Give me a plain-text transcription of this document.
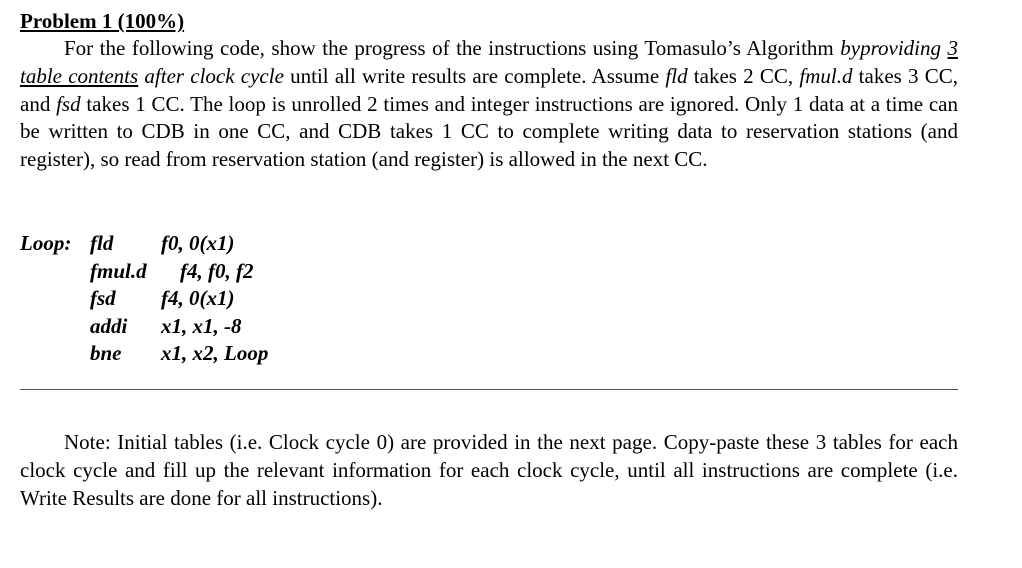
Problem 1 (100%)

For the following code, show the progress of the instructions using Tomasulo’s Algorithm byproviding 3 table contents after clock cycle until all write results are complete. Assume fld takes 2 CC, fmul.d takes 3 CC, and fsd takes 1 CC. The loop is unrolled 2 times and integer instructions are ignored. Only 1 data at a time can be written to CDB in one CC, and CDB takes 1 CC to complete writing data to reservation stations (and register), so read from reservation station (and register) is allowed in the next CC.

Loop: fld f0, 0(x1)
fmul.d f4, f0, f2
fsd f4, 0(x1)
addi x1, x1, -8
bne x1, x2, Loop

Note: Initial tables (i.e. Clock cycle 0) are provided in the next page. Copy-paste these 3 tables for each clock cycle and fill up the relevant information for each clock cycle, until all instructions are complete (i.e. Write Results are done for all instructions).
